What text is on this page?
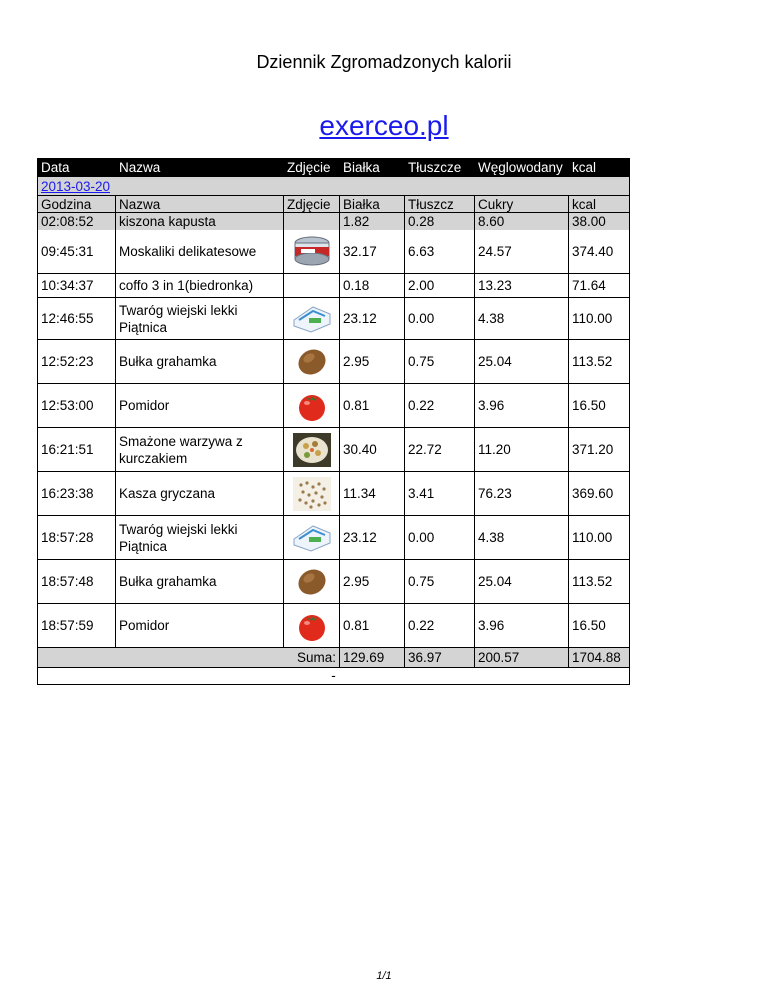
Dziennik Zgromadzonych kalorii
exerceo.pl
Data	Nazwa	Zdjęcie	Białka	Tłuszcze	Węglowodany	kcal
2013-03-20						
Godzina	Nazwa	Zdjęcie	Białka	Tłuszcz	Cukry	kcal
02:08:52	kiszona kapusta		1.82	0.28	8.60	38.00
09:45:31	Moskaliki delikatesowe		32.17	6.63	24.57	374.40
10:34:37	coffo 3 in 1(biedronka)		0.18	2.00	13.23	71.64
12:46:55	Twaróg wiejski lekki Piątnica		23.12	0.00	4.38	110.00
12:52:23	Bułka grahamka		2.95	0.75	25.04	113.52
12:53:00	Pomidor		0.81	0.22	3.96	16.50
16:21:51	Smażone warzywa z kurczakiem		30.40	22.72	11.20	371.20
16:23:38	Kasza gryczana		11.34	3.41	76.23	369.60
18:57:28	Twaróg wiejski lekki Piątnica		23.12	0.00	4.38	110.00
18:57:48	Bułka grahamka		2.95	0.75	25.04	113.52
18:57:59	Pomidor		0.81	0.22	3.96	16.50
Suma:			129.69	36.97	200.57	1704.88
-						
1/1
